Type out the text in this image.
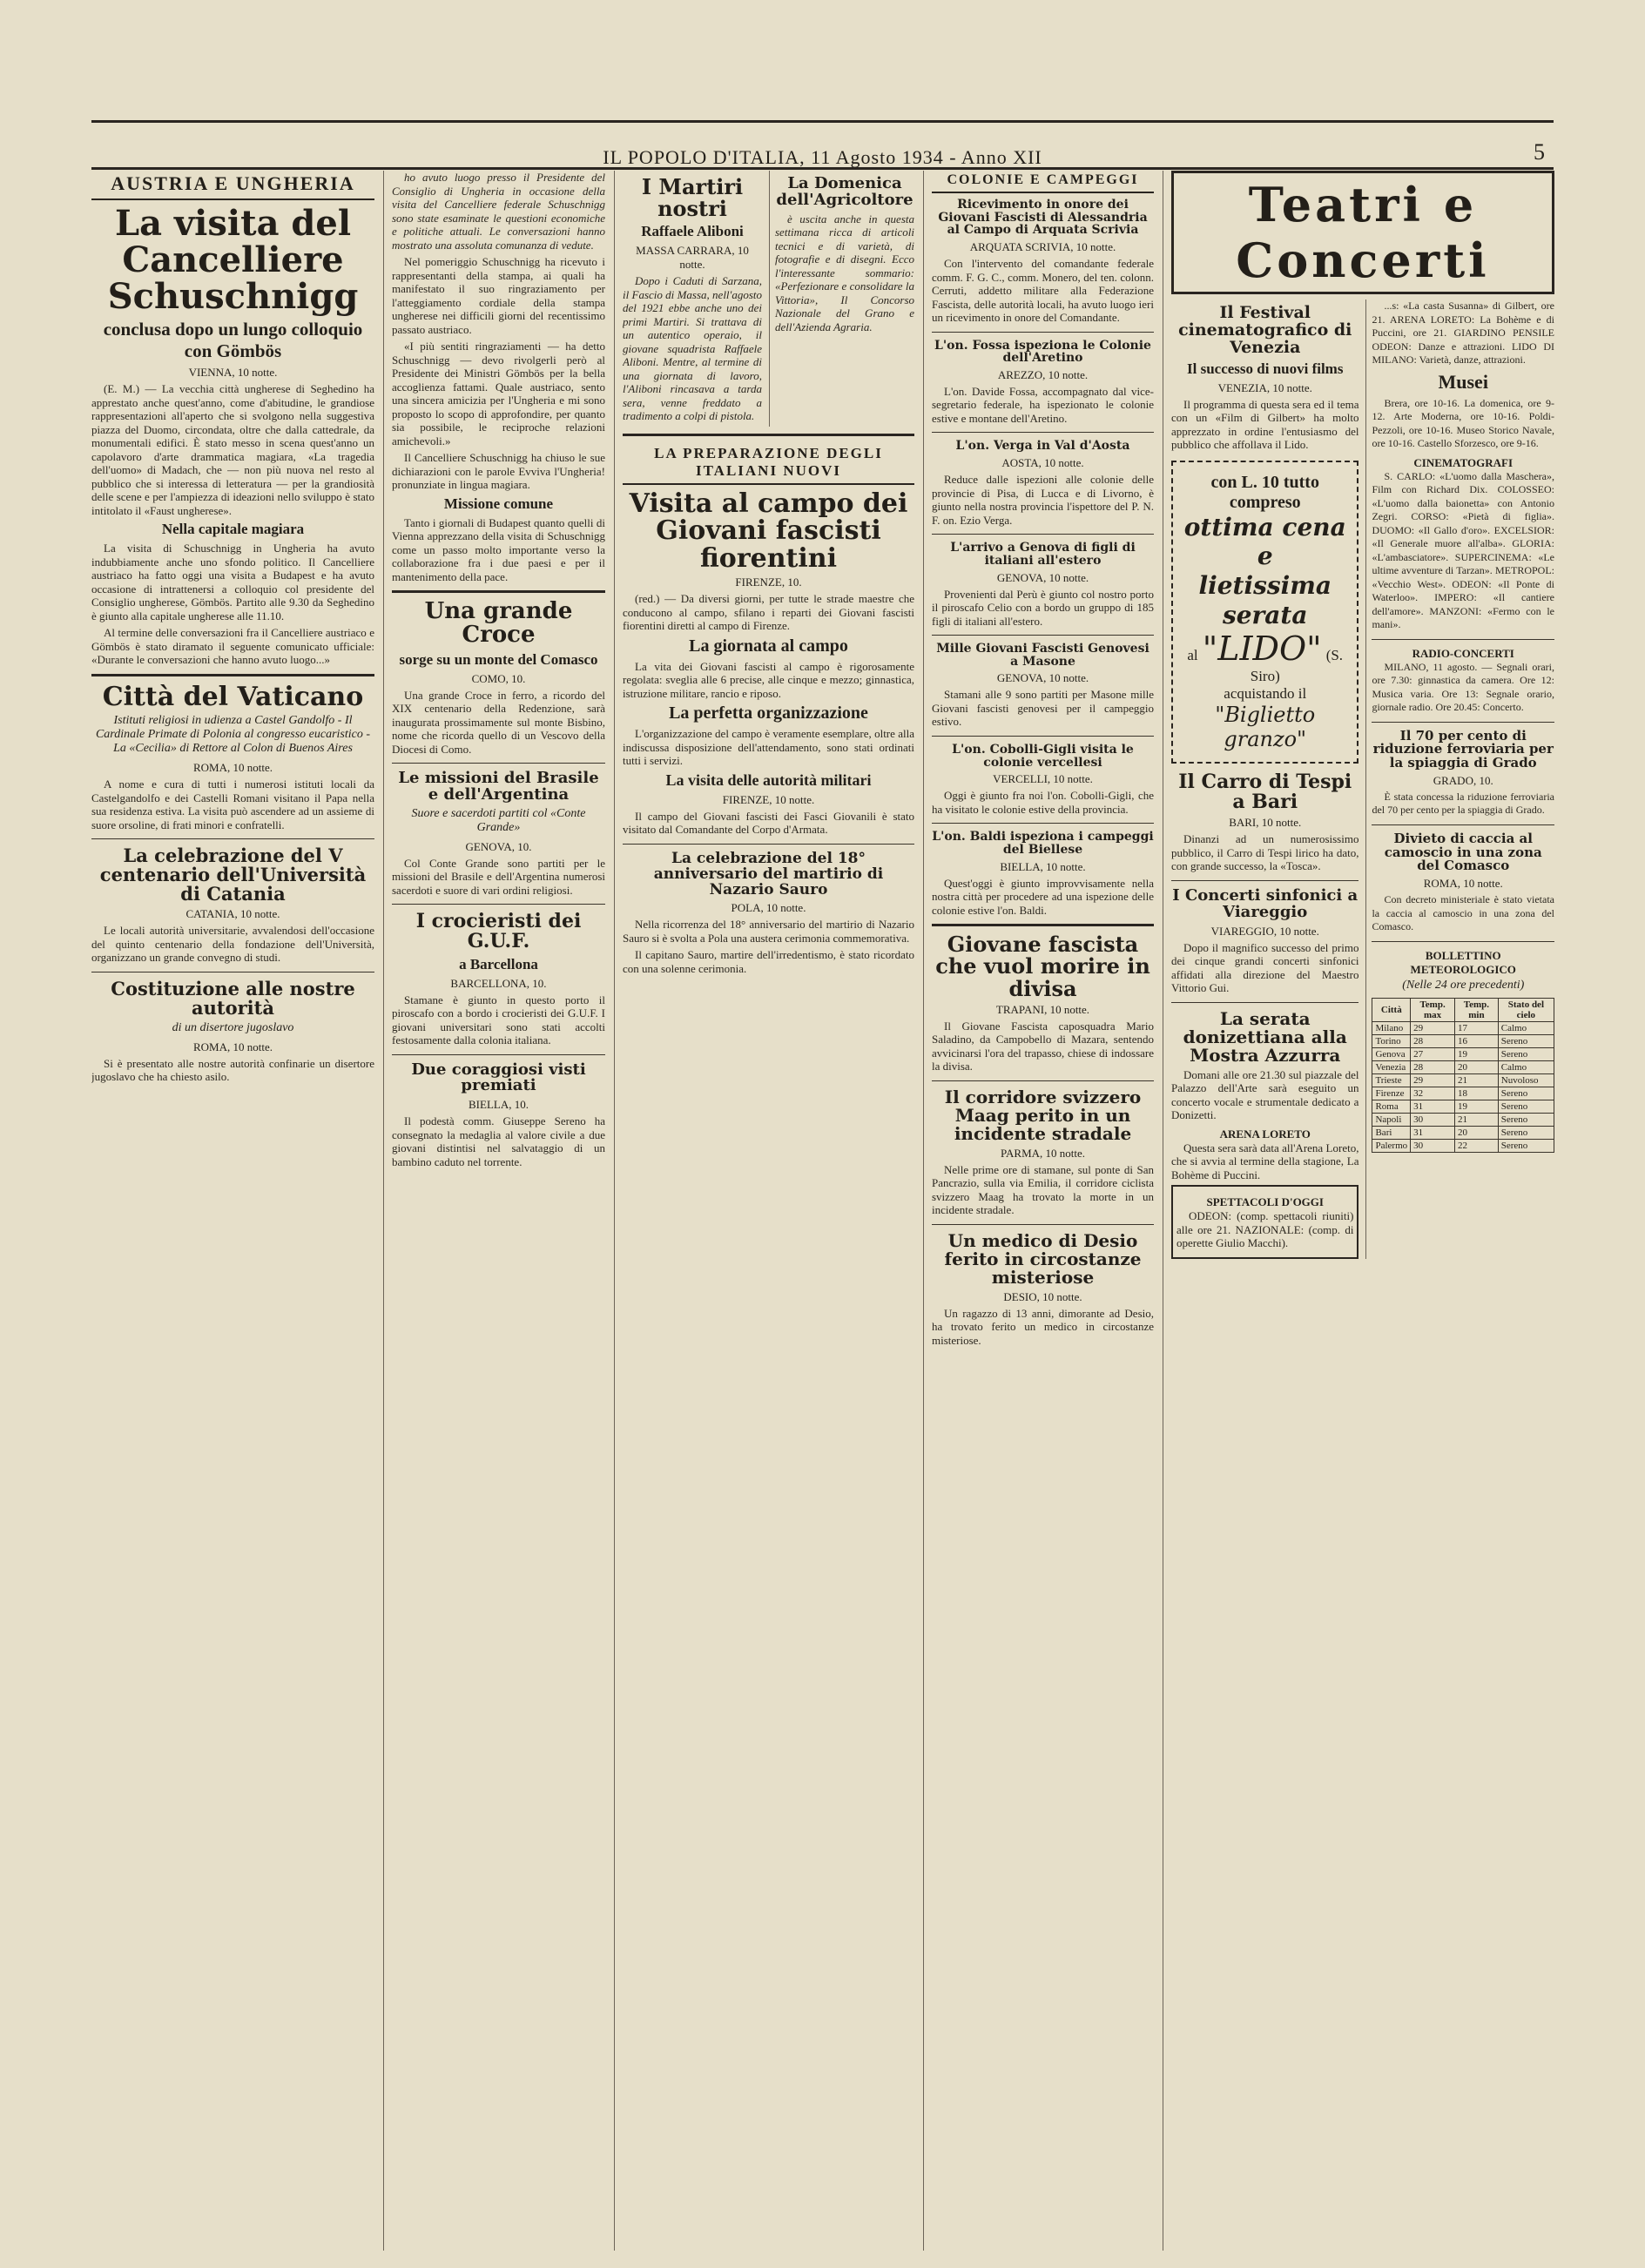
IL POPOLO D'ITALIA, 11 Agosto 1934 - Anno XII	5
AUSTRIA E UNGHERIA
La visita del Cancelliere Schuschnigg
conclusa dopo un lungo colloquio con Gömbös
VIENNA, 10 notte.

(E. M.) — La vecchia città ungherese di Seghedino ha apprestato anche quest'anno, come d'abitudine, le grandiose rappresentazioni all'aperto che si svolgono nella suggestiva piazza del Duomo, circondata, oltre che dalla cattedrale, da monumentali edifici. È stato messo in scena quest'anno un capolavoro d'arte drammatica magiara, «La tragedia dell'uomo» di Madach, che — non più nuova nel resto al pubblico che si interessa di letteratura — per la grandiosità delle scene e per l'ampiezza di ideazioni nello sviluppo è stato intitolato il «Faust ungherese».

Nella capitale magiara

La visita di Schuschnigg in Ungheria ha avuto indubbiamente anche uno sfondo politico. Il Cancelliere austriaco ha fatto oggi una visita a Budapest e ha avuto occasione di intrattenersi a colloquio col presidente del Consiglio ungherese, Gömbös. Partito alle 9.30 da Seghedino è giunto alla capitale ungherese alle 11.10.

Al termine delle conversazioni fra il Cancelliere austriaco e Gömbös è stato diramato il seguente comunicato ufficiale: «Durante le conversazioni che hanno avuto luogo...»

Città del Vaticano
Istituti religiosi in udienza a Castel Gandolfo - Il Cardinale Primate di Polonia al congresso eucaristico - La «Cecilia» di Rettore al Colon di Buenos Aires
ROMA, 10 notte.

A nome e cura di tutti i numerosi istituti locali da Castelgandolfo e dei Castelli Romani visitano il Papa nella sua residenza estiva. La visita può ascendere ad un assieme di suore orsoline, di frati minori e confratelli.

La celebrazione del V centenario dell'Università di Catania
CATANIA, 10 notte.

Le locali autorità universitarie, avvalendosi dell'occasione del quinto centenario della fondazione dell'Università, organizzano un grande convegno di studi.

Costituzione alle nostre autorità
di un disertore jugoslavo
ROMA, 10 notte.

Si è presentato alle nostre autorità confinarie un disertore jugoslavo che ha chiesto asilo.

ho avuto luogo presso il Presidente del Consiglio di Ungheria in occasione della visita del Cancelliere federale Schuschnigg sono state esaminate le questioni economiche e politiche attuali. Le conversazioni hanno mostrato una assoluta comunanza di vedute.

Nel pomeriggio Schuschnigg ha ricevuto i rappresentanti della stampa, ai quali ha manifestato il suo ringraziamento per l'atteggiamento cordiale della stampa ungherese nei difficili giorni del recentissimo passato austriaco.

«I più sentiti ringraziamenti — ha detto Schuschnigg — devo rivolgerli però al Presidente dei Ministri Gömbös per la bella accoglienza fattami. Quale austriaco, sento una sincera amicizia per l'Ungheria e mi sono proposto lo scopo di approfondire, per quanto sia possibile, le reciproche relazioni amichevoli.»

Il Cancelliere Schuschnigg ha chiuso le sue dichiarazioni con le parole Evviva l'Ungheria! pronunziate in lingua magiara.

Missione comune

Tanto i giornali di Budapest quanto quelli di Vienna apprezzano della visita di Schuschnigg come un passo molto importante verso la collaborazione fra i due paesi e per il mantenimento della pace.

Una grande Croce
sorge su un monte del Comasco
COMO, 10.

Una grande Croce in ferro, a ricordo del XIX centenario della Redenzione, sarà inaugurata prossimamente sul monte Bisbino, nome che ricorda quello di un Vescovo della Diocesi di Como.

Le missioni del Brasile e dell'Argentina
Suore e sacerdoti partiti col «Conte Grande»
GENOVA, 10.

Col Conte Grande sono partiti per le missioni del Brasile e dell'Argentina numerosi sacerdoti e suore di vari ordini religiosi.

I crocieristi dei G.U.F.
a Barcellona
BARCELLONA, 10.

Stamane è giunto in questo porto il piroscafo con a bordo i crocieristi dei G.U.F. I giovani universitari sono stati accolti festosamente dalla colonia italiana.

Due coraggiosi visti premiati
BIELLA, 10.

Il podestà comm. Giuseppe Sereno ha consegnato la medaglia al valore civile a due giovani distintisi nel salvataggio di un bambino caduto nel torrente.

I Martiri nostri
Raffaele Aliboni
MASSA CARRARA, 10 notte.

Dopo i Caduti di Sarzana, il Fascio di Massa, nell'agosto del 1921 ebbe anche uno dei primi Martiri. Si trattava di un autentico operaio, il giovane squadrista Raffaele Aliboni. Mentre, al termine di una giornata di lavoro, l'Aliboni rincasava a tarda sera, venne freddato a tradimento a colpi di pistola.

La Domenica dell'Agricoltore

è uscita anche in questa settimana ricca di articoli tecnici e di varietà, di fotografie e di disegni. Ecco l'interessante sommario: «Perfezionare e consolidare la Vittoria», Il Concorso Nazionale del Grano e dell'Azienda Agraria.

LA PREPARAZIONE DEGLI ITALIANI NUOVI
Visita al campo dei Giovani fascisti fiorentini
FIRENZE, 10.

(red.) — Da diversi giorni, per tutte le strade maestre che conducono al campo, sfilano i reparti dei Giovani fascisti fiorentini diretti al campo di Firenze.

La giornata al campo

La vita dei Giovani fascisti al campo è rigorosamente regolata: sveglia alle 6 precise, alle cinque e mezzo; ginnastica, istruzione militare, rancio e riposo.

La perfetta organizzazione

L'organizzazione del campo è veramente esemplare, oltre alla indiscussa disposizione dell'attendamento, sono stati ordinati tutti i servizi.

La visita delle autorità militari
FIRENZE, 10 notte.

Il campo del Giovani fascisti dei Fasci Giovanili è stato visitato dal Comandante del Corpo d'Armata.

La celebrazione del 18° anniversario del martirio di Nazario Sauro
POLA, 10 notte.

Nella ricorrenza del 18° anniversario del martirio di Nazario Sauro si è svolta a Pola una austera cerimonia commemorativa.

Il capitano Sauro, martire dell'irredentismo, è stato ricordato con una solenne cerimonia.

COLONIE E CAMPEGGI
Ricevimento in onore dei Giovani Fascisti di Alessandria al Campo di Arquata Scrivia
ARQUATA SCRIVIA, 10 notte.

Con l'intervento del comandante federale comm. F. G. C., comm. Monero, del ten. colonn. Cerruti, addetto militare alla Federazione Fascista, delle autorità locali, ha avuto luogo ieri un ricevimento in onore del Comandante.

L'on. Fossa ispeziona le Colonie dell'Aretino
AREZZO, 10 notte.

L'on. Davide Fossa, accompagnato dal vice-segretario federale, ha ispezionato le colonie estive e montane dell'Aretino.

L'on. Verga in Val d'Aosta
AOSTA, 10 notte.

Reduce dalle ispezioni alle colonie delle provincie di Pisa, di Lucca e di Livorno, è giunto nella nostra provincia l'ispettore del P. N. F. on. Ezio Verga.

L'arrivo a Genova di figli di italiani all'estero
GENOVA, 10 notte.

Provenienti dal Perù è giunto col nostro porto il piroscafo Celio con a bordo un gruppo di 185 figli di italiani all'estero.

Mille Giovani Fascisti Genovesi a Masone
GENOVA, 10 notte.

Stamani alle 9 sono partiti per Masone mille Giovani fascisti genovesi per il campeggio estivo.

L'on. Cobolli-Gigli visita le colonie vercellesi
VERCELLI, 10 notte.

Oggi è giunto fra noi l'on. Cobolli-Gigli, che ha visitato le colonie estive della provincia.

L'on. Baldi ispeziona i campeggi del Biellese
BIELLA, 10 notte.

Quest'oggi è giunto improvvisamente nella nostra città per procedere ad una ispezione delle colonie estive l'on. Baldi.

Giovane fascista che vuol morire in divisa
TRAPANI, 10 notte.

Il Giovane Fascista caposquadra Mario Saladino, da Campobello di Mazara, sentendo avvicinarsi l'ora del trapasso, chiese di indossare la divisa.

Il corridore svizzero Maag perito in un incidente stradale
PARMA, 10 notte.

Nelle prime ore di stamane, sul ponte di San Pancrazio, sulla via Emilia, il corridore ciclista svizzero Maag ha trovato la morte in un incidente stradale.

Un medico di Desio ferito in circostanze misteriose
DESIO, 10 notte.

Un ragazzo di 13 anni, dimorante ad Desio, ha trovato ferito un medico in circostanze misteriose.

Teatri e Concerti
Il Festival cinematografico di Venezia
Il successo di nuovi films
VENEZIA, 10 notte.

Il programma di questa sera ed il tema con un «Film di Gilbert» ha molto apprezzato in ordine l'entusiasmo del pubblico che affollava il Lido.

con L. 10 tutto compreso
ottima cena e
lietissima serata
al "LIDO" (S. Siro)
acquistando il
"Biglietto granzo"
Il Carro di Tespi a Bari
BARI, 10 notte.

Dinanzi ad un numerosissimo pubblico, il Carro di Tespi lirico ha dato, con grande successo, la «Tosca».

I Concerti sinfonici a Viareggio
VIAREGGIO, 10 notte.

Dopo il magnifico successo del primo dei cinque grandi concerti sinfonici affidati alla direzione del Maestro Vittorio Gui.

La serata donizettiana alla Mostra Azzurra

Domani alle ore 21.30 sul piazzale del Palazzo dell'Arte sarà eseguito un concerto vocale e strumentale dedicato a Donizetti.

ARENA LORETO

Questa sera sarà data all'Arena Loreto, che si avvia al termine della stagione, La Bohème di Puccini.

SPETTACOLI D'OGGI

ODEON: (comp. spettacoli riuniti) alle ore 21. NAZIONALE: (comp. di operette Giulio Macchi).

...s: «La casta Susanna» di Gilbert, ore 21. ARENA LORETO: La Bohème e di Puccini, ore 21. GIARDINO PENSILE ODEON: Danze e attrazioni. LIDO DI MILANO: Varietà, danze, attrazioni.

Musei

Brera, ore 10-16. La domenica, ore 9-12. Arte Moderna, ore 10-16. Poldi-Pezzoli, ore 10-16. Museo Storico Navale, ore 10-16. Castello Sforzesco, ore 9-16.

CINEMATOGRAFI

S. CARLO: «L'uomo dalla Maschera», Film con Richard Dix. COLOSSEO: «L'uomo dalla baionetta» con Antonio Zegri. CORSO: «Pietà di figlia». DUOMO: «Il Gallo d'oro». EXCELSIOR: «Il Generale muore all'alba». GLORIA: «L'ambasciatore». SUPERCINEMA: «Le ultime avventure di Tarzan». METROPOL: «Vecchio West». ODEON: «Il Ponte di Waterloo». IMPERO: «Il cantiere dell'amore». MANZONI: «Fermo con le mani».

RADIO-CONCERTI

MILANO, 11 agosto. — Segnali orari, ore 7.30: ginnastica da camera. Ore 12: Musica varia. Ore 13: Segnale orario, giornale radio. Ore 20.45: Concerto.

Il 70 per cento di riduzione ferroviaria per la spiaggia di Grado
GRADO, 10.

È stata concessa la riduzione ferroviaria del 70 per cento per la spiaggia di Grado.

Divieto di caccia al camoscio in una zona del Comasco
ROMA, 10 notte.

Con decreto ministeriale è stato vietata la caccia al camoscio in una zona del Comasco.

BOLLETTINO METEOROLOGICO
(Nelle 24 ore precedenti)
Città	Temp. max	Temp. min	Stato del cielo
Milano	29	17	Calmo
Torino	28	16	Sereno
Genova	27	19	Sereno
Venezia	28	20	Calmo
Trieste	29	21	Nuvoloso
Firenze	32	18	Sereno
Roma	31	19	Sereno
Napoli	30	21	Sereno
Bari	31	20	Sereno
Palermo	30	22	Sereno
